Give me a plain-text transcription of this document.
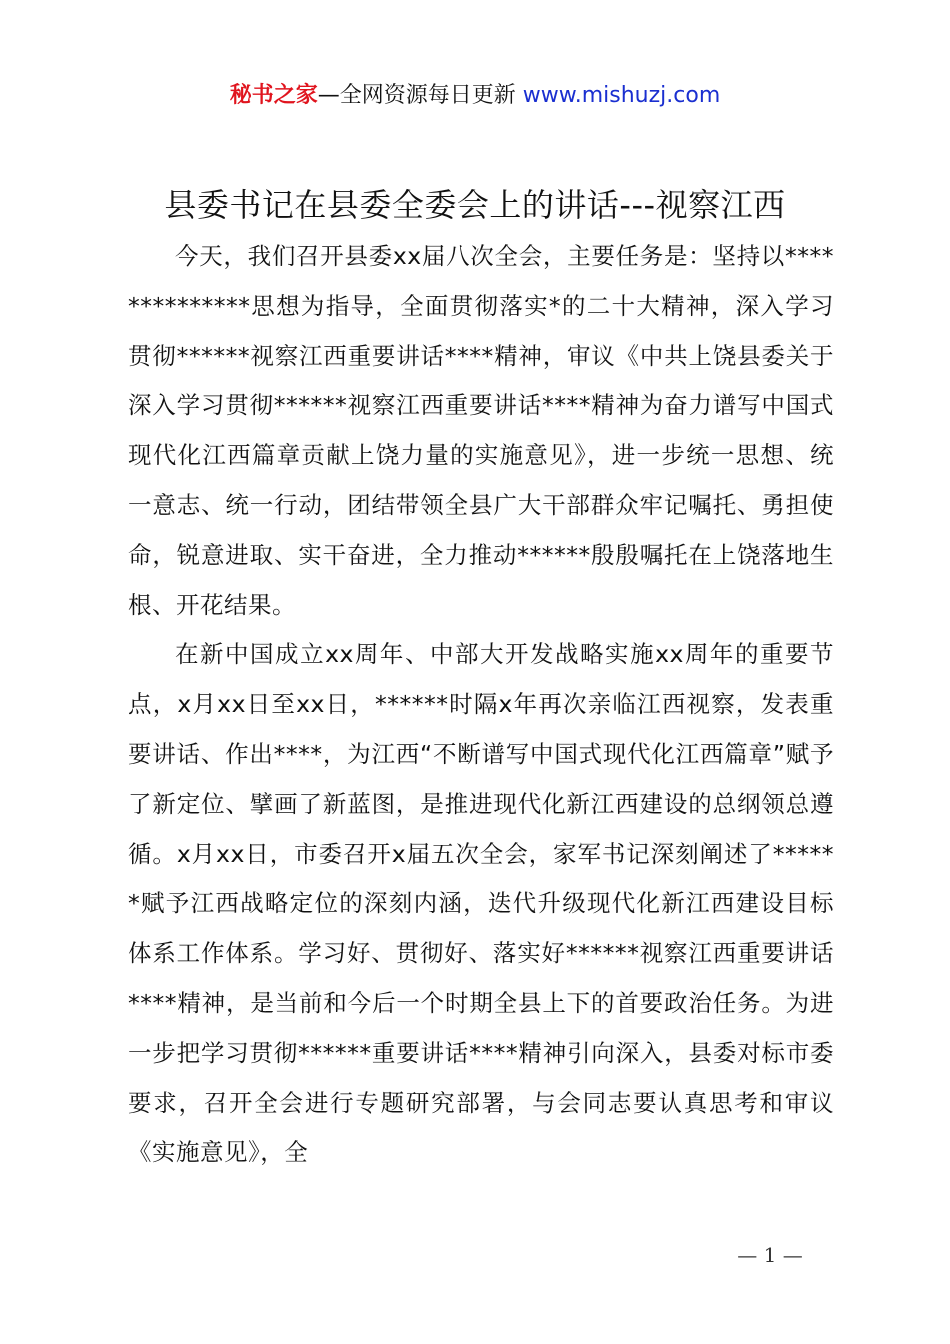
秘书之家—全网资源每日更新 www.mishuzj.com
县委书记在县委全委会上的讲话---视察江西

今天，我们召开县委xx届八次全会，主要任务是：坚持以**************思想为指导，全面贯彻落实*的二十大精神，深入学习贯彻******视察江西重要讲话****精神，审议《中共上饶县委关于深入学习贯彻******视察江西重要讲话****精神为奋力谱写中国式现代化江西篇章贡献上饶力量的实施意见》，进一步统一思想、统一意志、统一行动，团结带领全县广大干部群众牢记嘱托、勇担使命，锐意进取、实干奋进，全力推动******殷殷嘱托在上饶落地生根、开花结果。

在新中国成立xx周年、中部大开发战略实施xx周年的重要节点，x月xx日至xx日，******时隔x年再次亲临江西视察，发表重要讲话、作出****，为江西“不断谱写中国式现代化江西篇章”赋予了新定位、擘画了新蓝图，是推进现代化新江西建设的总纲领总遵循。x月xx日，市委召开x届五次全会，家军书记深刻阐述了******赋予江西战略定位的深刻内涵，迭代升级现代化新江西建设目标体系工作体系。学习好、贯彻好、落实好******视察江西重要讲话****精神，是当前和今后一个时期全县上下的首要政治任务。为进一步把学习贯彻******重要讲话****精神引向深入，县委对标市委要求，召开全会进行专题研究部署，与会同志要认真思考和审议《实施意见》，全

— 1 —
